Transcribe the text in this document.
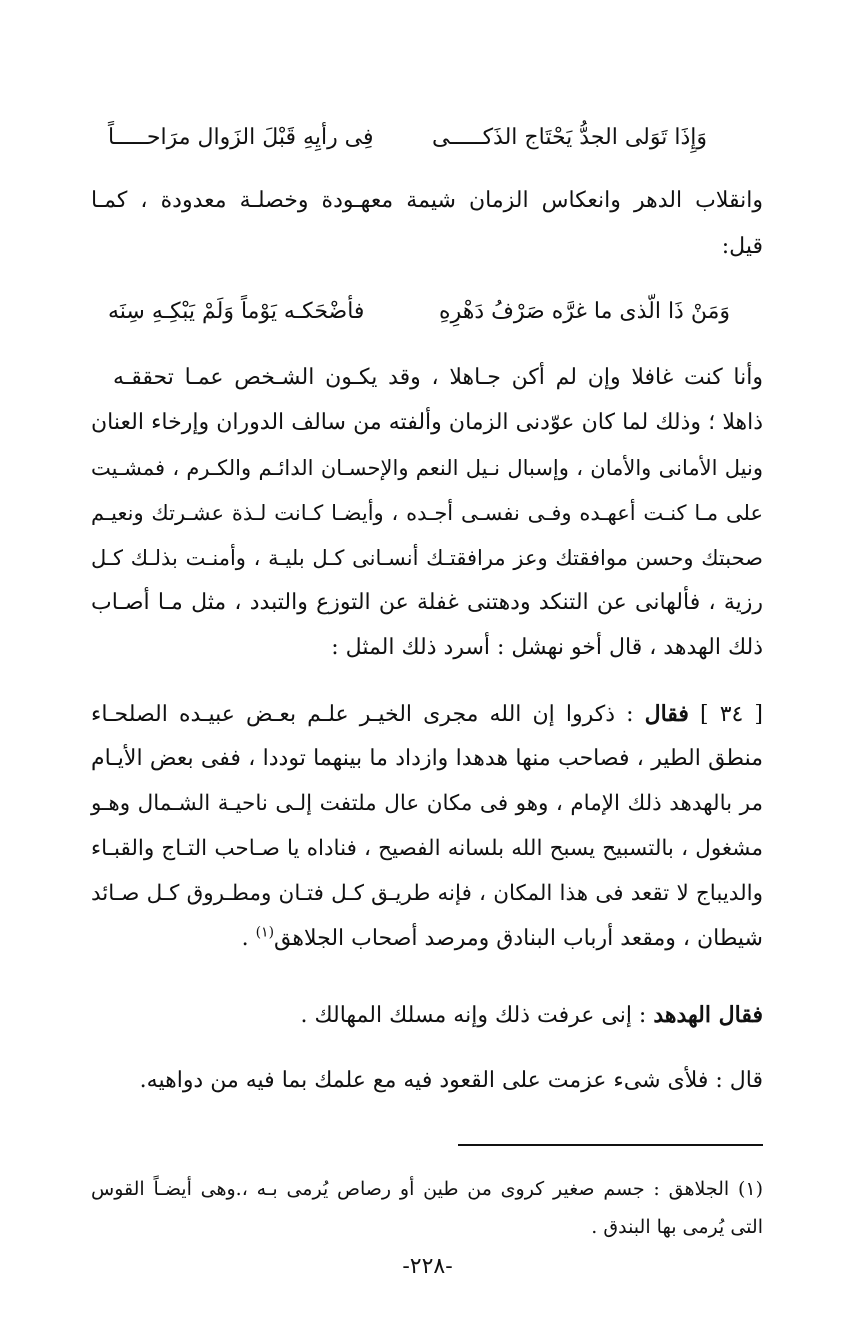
وَإِذَا تَوَلى الجدُّ يَحْتَاج الذَكـــــى
فِى رأيِهِ قَبْلَ الزَوال مرَاحـــــاً
وانقلاب الدهر وانعكاس الزمان شيمة معهـودة وخصلـة معدودة ، كمـا
قيل:
وَمَنْ ذَا الّذى ما غرَّه صَرْفُ دَهْرِهِ
فأضْحَكـه يَوْماً وَلَمْ يَبْكِـهِ سِنَه
وأنا كنت غافلا وإن لم أكن جـاهلا ، وقد يكـون الشـخص عمـا تحققـه
ذاهلا ؛ وذلك لما كان عوّدنى الزمان وألفته من سالف الدوران وإرخاء العنان
ونيل الأمانى والأمان ، وإسبال نـيل النعم والإحسـان الدائـم والكـرم ، فمشـيت
على مـا كنـت أعهـده وفـى نفسـى أجـده ، وأيضـا كـانت لـذة عشـرتك ونعيـم
صحبتك وحسن موافقتك وعز مرافقتـك أنسـانى كـل بليـة ، وأمنـت بذلـك كـل
رزية ، فألهانى عن التنكد ودهتنى غفلة عن التوزع والتبدد ، مثل مـا أصـاب
ذلك الهدهد ، قال أخو نهشل : أسرد ذلك المثل :
[ ٣٤ ] فقال : ذكروا إن الله مجرى الخيـر علـم بعـض عبيـده الصلحـاء
منطق الطير ، فصاحب منها هدهدا وازداد ما بينهما توددا ، ففى بعض الأيـام
مر بالهدهد ذلك الإمام ، وهو فى مكان عال ملتفت إلـى ناحيـة الشـمال وهـو
مشغول ، بالتسبيح يسبح الله بلسانه الفصيح ، فناداه يا صـاحب التـاج والقبـاء
والديباج لا تقعد فى هذا المكان ، فإنه طريـق كـل فتـان ومطـروق كـل صـائد
شيطان ، ومقعد أرباب البنادق ومرصد أصحاب الجلاهق$^{(١)}$ .
فقال الهدهد : إنى عرفت ذلك وإنه مسلك المهالك .
قال : فلأى شىء عزمت على القعود فيه مع علمك بما فيه من دواهيه.
(١) الجلاهق : جسم صغير كروى من طين أو رصاص يُرمى بـه ،.وهى أيضـاً القوس
التى يُرمى بها البندق .
-٢٢٨-
